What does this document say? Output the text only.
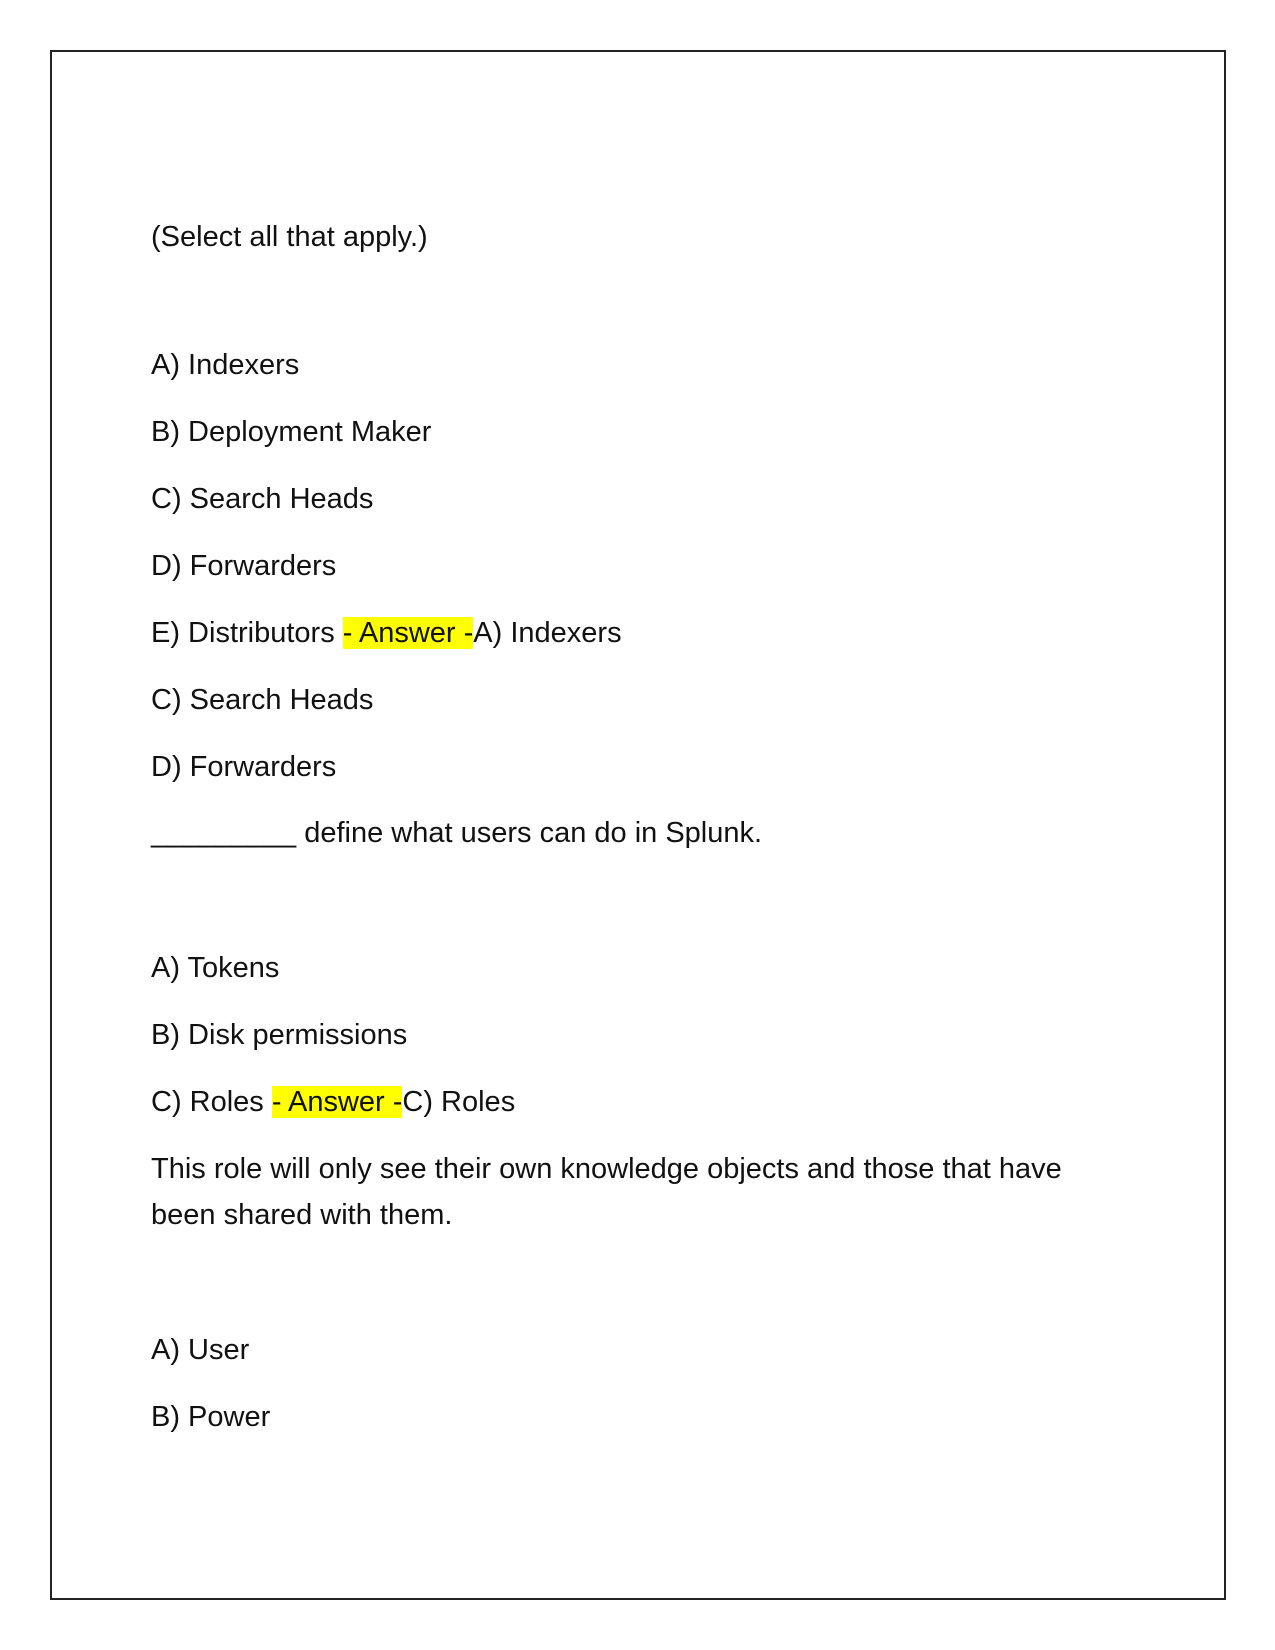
(Select all that apply.)
A) Indexers
B) Deployment Maker
C) Search Heads
D) Forwarders
E) Distributors - Answer -A) Indexers
C) Search Heads
D) Forwarders
_________ define what users can do in Splunk.
A) Tokens
B) Disk permissions
C) Roles - Answer -C) Roles
This role will only see their own knowledge objects and those that have been shared with them.
A) User
B) Power
